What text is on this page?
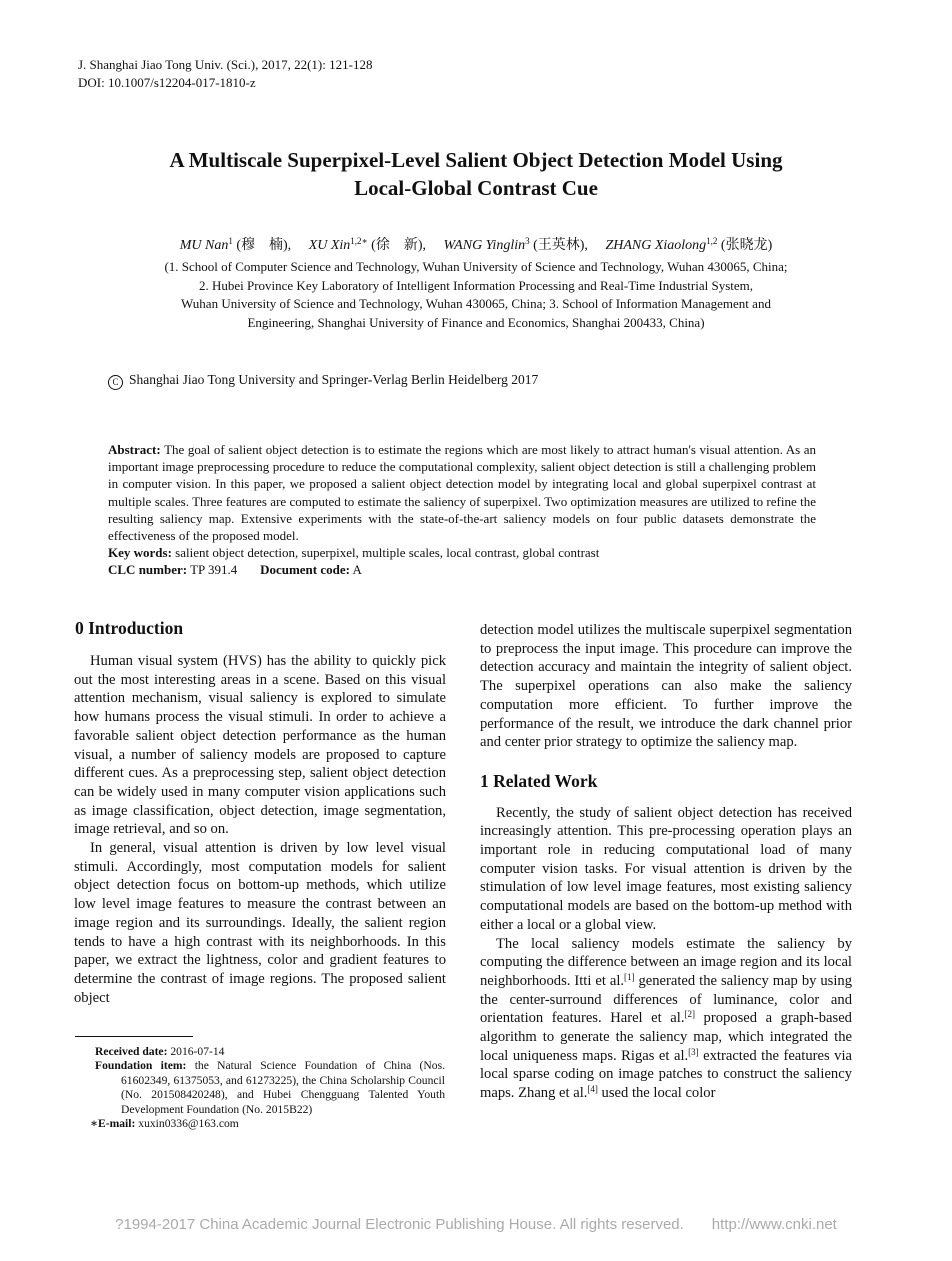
J. Shanghai Jiao Tong Univ. (Sci.), 2017, 22(1): 121-128
DOI: 10.1007/s12204-017-1810-z
A Multiscale Superpixel-Level Salient Object Detection Model Using
Local-Global Contrast Cue
MU Nan$^1$ (穆　楠), XU Xin$^{1,2∗}$ (徐　新), WANG Yinglin$^3$ (王英林), ZHANG Xiaolong$^{1,2}$ (张晓龙)
(1. School of Computer Science and Technology, Wuhan University of Science and Technology, Wuhan 430065, China;
2. Hubei Province Key Laboratory of Intelligent Information Processing and Real-Time Industrial System,
Wuhan University of Science and Technology, Wuhan 430065, China; 3. School of Information Management and
Engineering, Shanghai University of Finance and Economics, Shanghai 200433, China)
C Shanghai Jiao Tong University and Springer-Verlag Berlin Heidelberg 2017
Abstract: The goal of salient object detection is to estimate the regions which are most likely to attract human's visual attention. As an important image preprocessing procedure to reduce the computational complexity, salient object detection is still a challenging problem in computer vision. In this paper, we proposed a salient object detection model by integrating local and global superpixel contrast at multiple scales. Three features are computed to estimate the saliency of superpixel. Two optimization measures are utilized to refine the resulting saliency map. Extensive experiments with the state-of-the-art saliency models on four public datasets demonstrate the effectiveness of the proposed model.
Key words: salient object detection, superpixel, multiple scales, local contrast, global contrast
CLC number: TP 391.4 Document code: A
0 Introduction

Human visual system (HVS) has the ability to quickly pick out the most interesting areas in a scene. Based on this visual attention mechanism, visual saliency is explored to simulate how humans process the visual stimuli. In order to achieve a favorable salient object detection performance as the human visual, a number of saliency models are proposed to capture different cues. As a preprocessing step, salient object detection can be widely used in many computer vision applications such as image classification, object detection, image segmentation, image retrieval, and so on.

In general, visual attention is driven by low level visual stimuli. Accordingly, most computation models for salient object detection focus on bottom-up methods, which utilize low level image features to measure the contrast between an image region and its surroundings. Ideally, the salient region tends to have a high contrast with its neighborhoods. In this paper, we extract the lightness, color and gradient features to determine the contrast of image regions. The proposed salient object

detection model utilizes the multiscale superpixel segmentation to preprocess the input image. This procedure can improve the detection accuracy and maintain the integrity of salient object. The superpixel operations can also make the saliency computation more efficient. To further improve the performance of the result, we introduce the dark channel prior and center prior strategy to optimize the saliency map.

1 Related Work

Recently, the study of salient object detection has received increasingly attention. This pre-processing operation plays an important role in reducing computational load of many computer vision tasks. For visual attention is driven by the stimulation of low level image features, most existing saliency computational models are based on the bottom-up method with either a local or a global view.

The local saliency models estimate the saliency by computing the difference between an image region and its local neighborhoods. Itti et al.[1] generated the saliency map by using the center-surround differences of luminance, color and orientation features. Harel et al.[2] proposed a graph-based algorithm to generate the saliency map, which integrated the local uniqueness maps. Rigas et al.[3] extracted the features via local sparse coding on image patches to construct the saliency maps. Zhang et al.[4] used the local color

Received date: 2016-07-14
Foundation item: the Natural Science Foundation of China (Nos. 61602349, 61375053, and 61273225), the China Scholarship Council (No. 201508420248), and Hubei Chengguang Talented Youth Development Foundation (No. 2015B22)
∗E-mail: xuxin0336@163.com
?1994-2017 China Academic Journal Electronic Publishing House. All rights reserved. http://www.cnki.net
